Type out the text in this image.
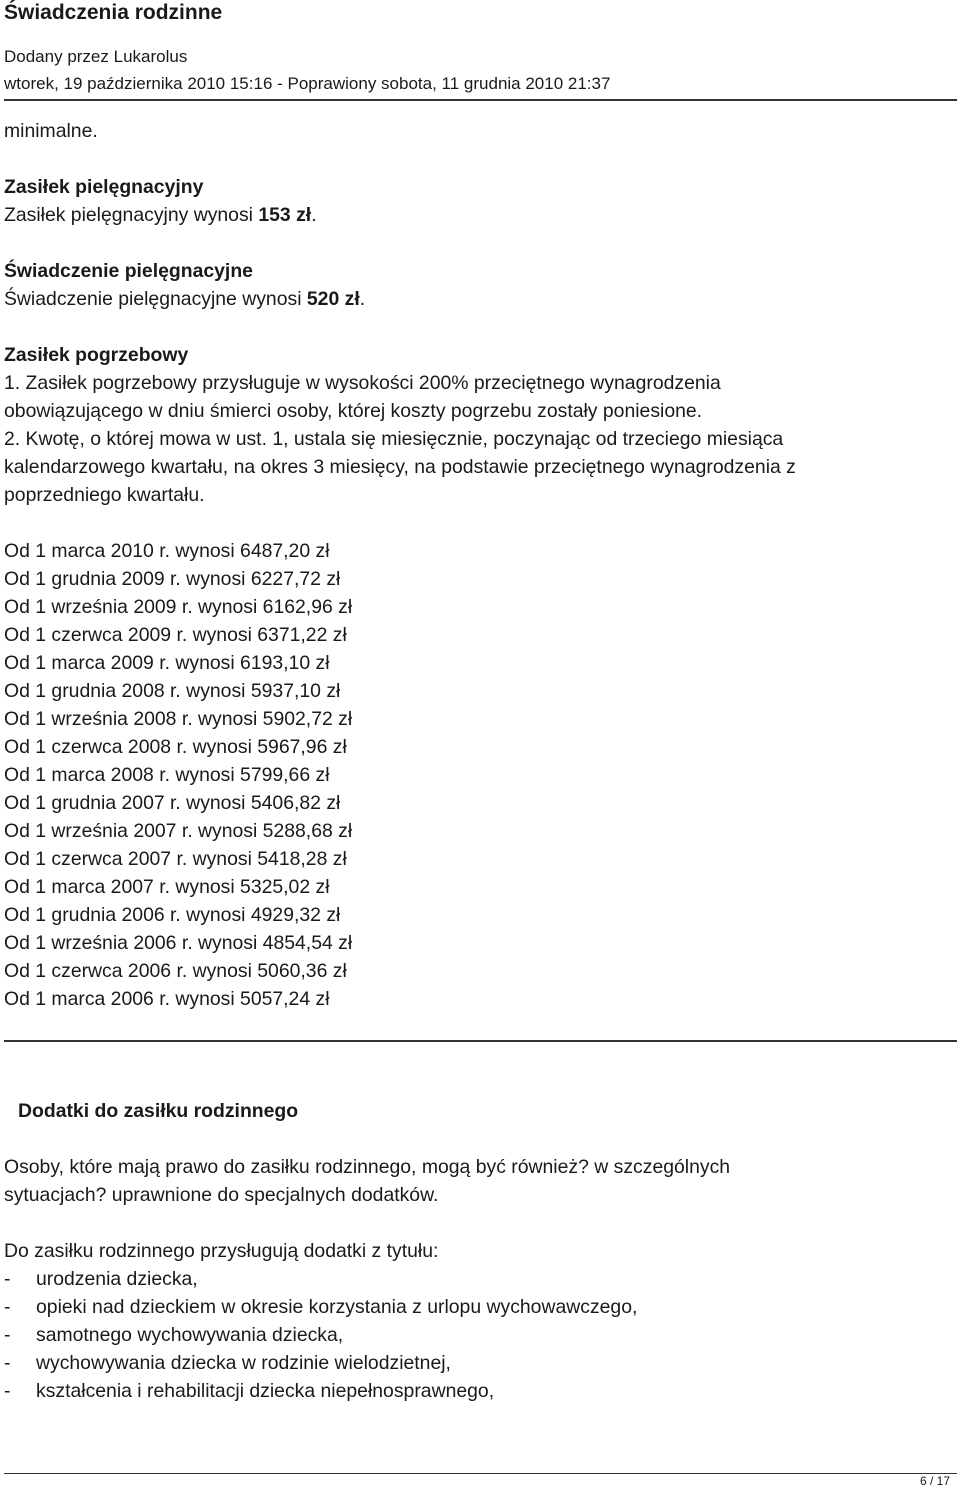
Świadczenia rodzinne
Dodany przez Lukarolus
wtorek, 19 października 2010 15:16 - Poprawiony sobota, 11 grudnia 2010 21:37

minimalne.

Zasiłek pielęgnacyjny

Zasiłek pielęgnacyjny wynosi 153 zł.

Świadczenie pielęgnacyjne

Świadczenie pielęgnacyjne wynosi 520 zł.

Zasiłek pogrzebowy

1. Zasiłek pogrzebowy przysługuje w wysokości 200% przeciętnego wynagrodzenia

obowiązującego w dniu śmierci osoby, której koszty pogrzebu zostały poniesione.

2. Kwotę, o której mowa w ust. 1, ustala się miesięcznie, poczynając od trzeciego miesiąca

kalendarzowego kwartału, na okres 3 miesięcy, na podstawie przeciętnego wynagrodzenia z

poprzedniego kwartału.

Od 1 marca 2010 r. wynosi 6487,20 zł

Od 1 grudnia 2009 r. wynosi 6227,72 zł

Od 1 września 2009 r. wynosi 6162,96 zł

Od 1 czerwca 2009 r. wynosi 6371,22 zł

Od 1 marca 2009 r. wynosi 6193,10 zł

Od 1 grudnia 2008 r. wynosi 5937,10 zł

Od 1 września 2008 r. wynosi 5902,72 zł

Od 1 czerwca 2008 r. wynosi 5967,96 zł

Od 1 marca 2008 r. wynosi 5799,66 zł

Od 1 grudnia 2007 r. wynosi 5406,82 zł

Od 1 września 2007 r. wynosi 5288,68 zł

Od 1 czerwca 2007 r. wynosi 5418,28 zł

Od 1 marca 2007 r. wynosi 5325,02 zł

Od 1 grudnia 2006 r. wynosi 4929,32 zł

Od 1 września 2006 r. wynosi 4854,54 zł

Od 1 czerwca 2006 r. wynosi 5060,36 zł

Od 1 marca 2006 r. wynosi 5057,24 zł

Dodatki do zasiłku rodzinnego

Osoby, które mają prawo do zasiłku rodzinnego, mogą być również? w szczególnych

sytuacjach? uprawnione do specjalnych dodatków.

Do zasiłku rodzinnego przysługują dodatki z tytułu:

-	urodzenia dziecka,
-	opieki nad dzieckiem w okresie korzystania z urlopu wychowawczego,
-	samotnego wychowywania dziecka,
-	wychowywania dziecka w rodzinie wielodzietnej,
-	kształcenia i rehabilitacji dziecka niepełnosprawnego,
6 / 17
